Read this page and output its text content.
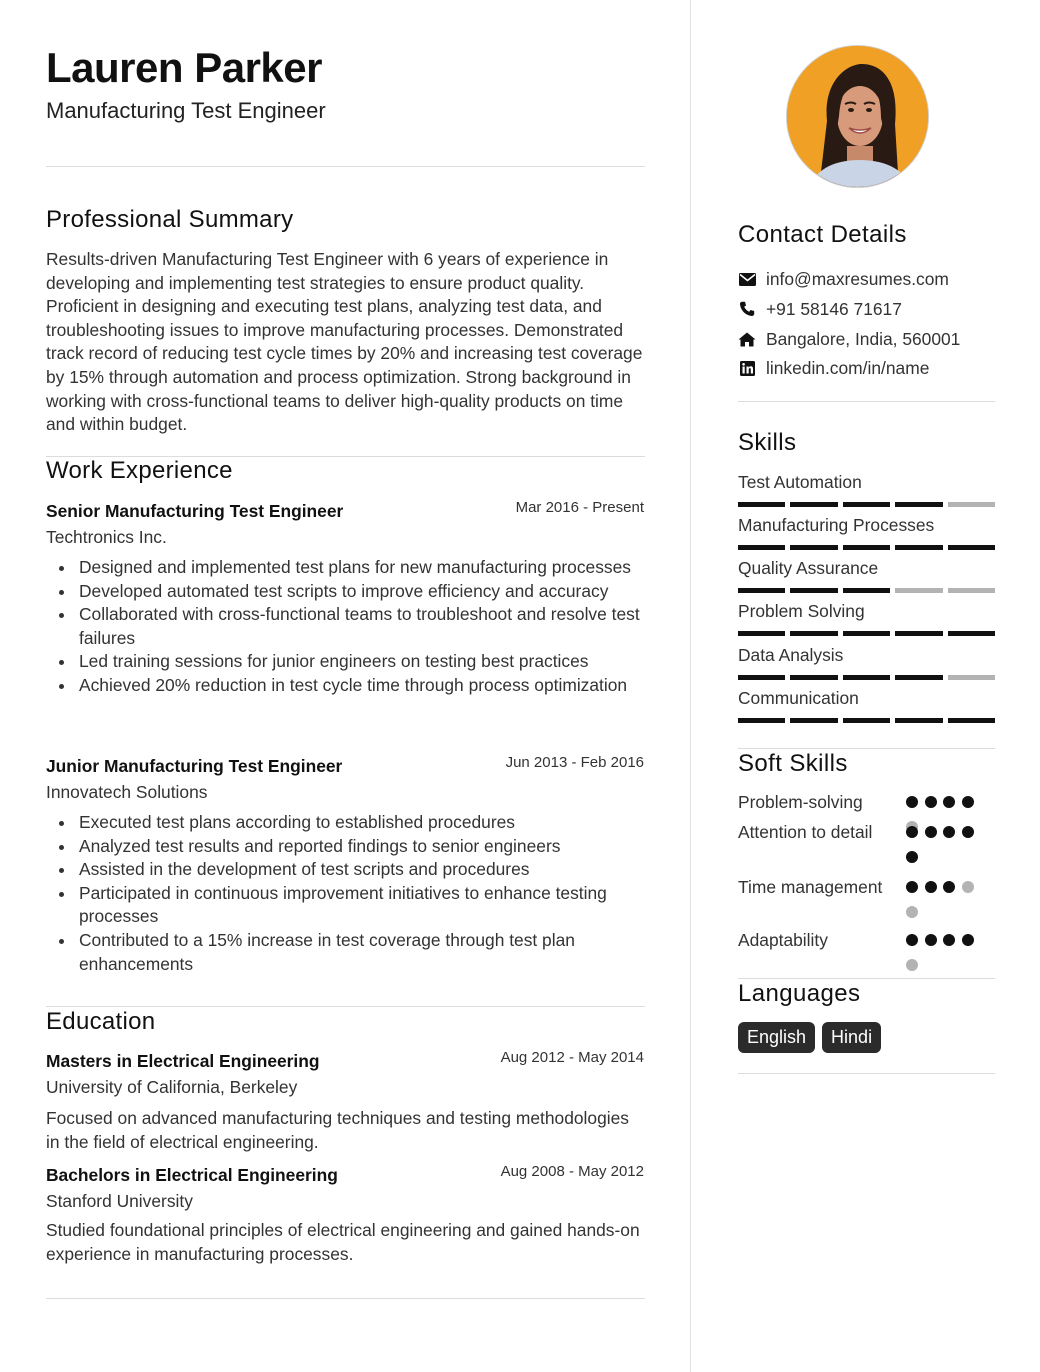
Lauren Parker
Manufacturing Test Engineer
Professional Summary
Results-driven Manufacturing Test Engineer with 6 years of experience in developing and implementing test strategies to ensure product quality. Proficient in designing and executing test plans, analyzing test data, and troubleshooting issues to improve manufacturing processes. Demonstrated track record of reducing test cycle times by 20% and increasing test coverage by 15% through automation and process optimization. Strong background in working with cross-functional teams to deliver high-quality products on time and within budget.
Work Experience
Senior Manufacturing Test Engineer	Mar 2016 - Present
Techtronics Inc.
Designed and implemented test plans for new manufacturing processes
Developed automated test scripts to improve efficiency and accuracy
Collaborated with cross-functional teams to troubleshoot and resolve test failures
Led training sessions for junior engineers on testing best practices
Achieved 20% reduction in test cycle time through process optimization
Junior Manufacturing Test Engineer	Jun 2013 - Feb 2016
Innovatech Solutions
Executed test plans according to established procedures
Analyzed test results and reported findings to senior engineers
Assisted in the development of test scripts and procedures
Participated in continuous improvement initiatives to enhance testing processes
Contributed to a 15% increase in test coverage through test plan enhancements
Education
Masters in Electrical Engineering	Aug 2012 - May 2014
University of California, Berkeley
Focused on advanced manufacturing techniques and testing methodologies in the field of electrical engineering.
Bachelors in Electrical Engineering	Aug 2008 - May 2012
Stanford University
Studied foundational principles of electrical engineering and gained hands-on experience in manufacturing processes.
Contact Details
info@maxresumes.com
+91 58146 71617
Bangalore, India, 560001
linkedin.com/in/name
Skills
Test Automation
Manufacturing Processes
Quality Assurance
Problem Solving
Data Analysis
Communication
Soft Skills
Problem-solving
Attention to detail
Time management
Adaptability
Languages
English	Hindi
